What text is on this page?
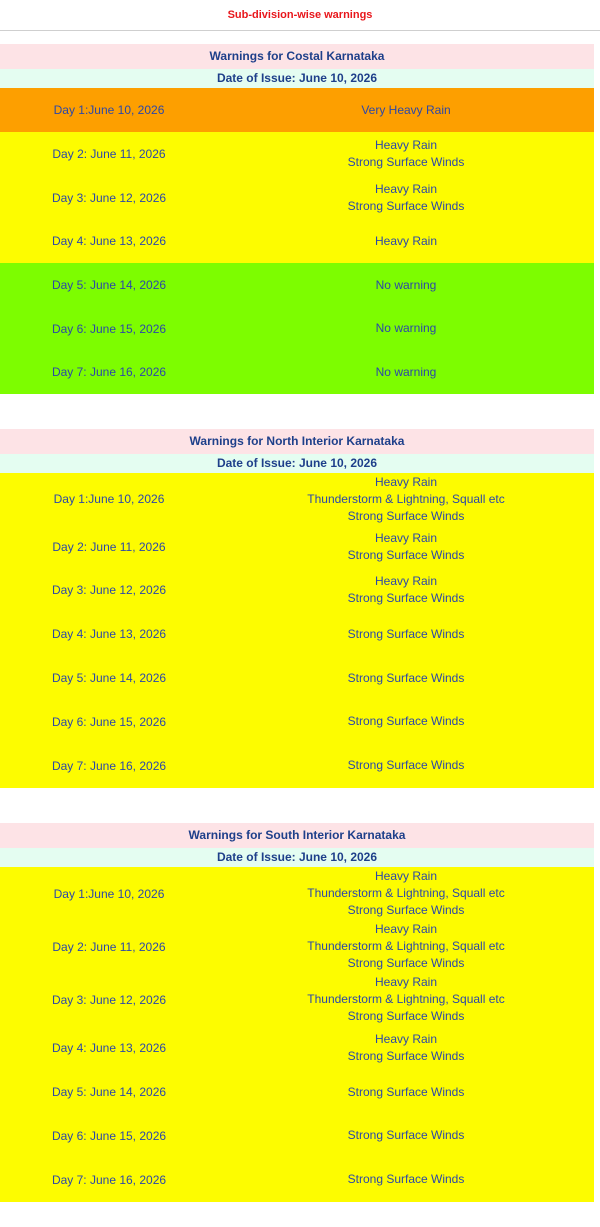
Sub-division-wise warnings
Warnings for Costal Karnataka
Date of Issue: June 10, 2026
Day 1:June 10, 2026	Very Heavy Rain
Day 2: June 11, 2026
Heavy Rain
Strong Surface Winds
Day 3: June 12, 2026
Heavy Rain
Strong Surface Winds
Day 4: June 13, 2026	Heavy Rain
Day 5: June 14, 2026	No warning
Day 6: June 15, 2026	No warning
Day 7: June 16, 2026	No warning
Warnings for North Interior Karnataka
Date of Issue: June 10, 2026
Day 1:June 10, 2026
Heavy Rain
Thunderstorm & Lightning, Squall etc
Strong Surface Winds
Day 2: June 11, 2026
Heavy Rain
Strong Surface Winds
Day 3: June 12, 2026
Heavy Rain
Strong Surface Winds
Day 4: June 13, 2026	Strong Surface Winds
Day 5: June 14, 2026	Strong Surface Winds
Day 6: June 15, 2026	Strong Surface Winds
Day 7: June 16, 2026	Strong Surface Winds
Warnings for South Interior Karnataka
Date of Issue: June 10, 2026
Day 1:June 10, 2026
Heavy Rain
Thunderstorm & Lightning, Squall etc
Strong Surface Winds
Day 2: June 11, 2026
Heavy Rain
Thunderstorm & Lightning, Squall etc
Strong Surface Winds
Day 3: June 12, 2026
Heavy Rain
Thunderstorm & Lightning, Squall etc
Strong Surface Winds
Day 4: June 13, 2026
Heavy Rain
Strong Surface Winds
Day 5: June 14, 2026	Strong Surface Winds
Day 6: June 15, 2026	Strong Surface Winds
Day 7: June 16, 2026	Strong Surface Winds
